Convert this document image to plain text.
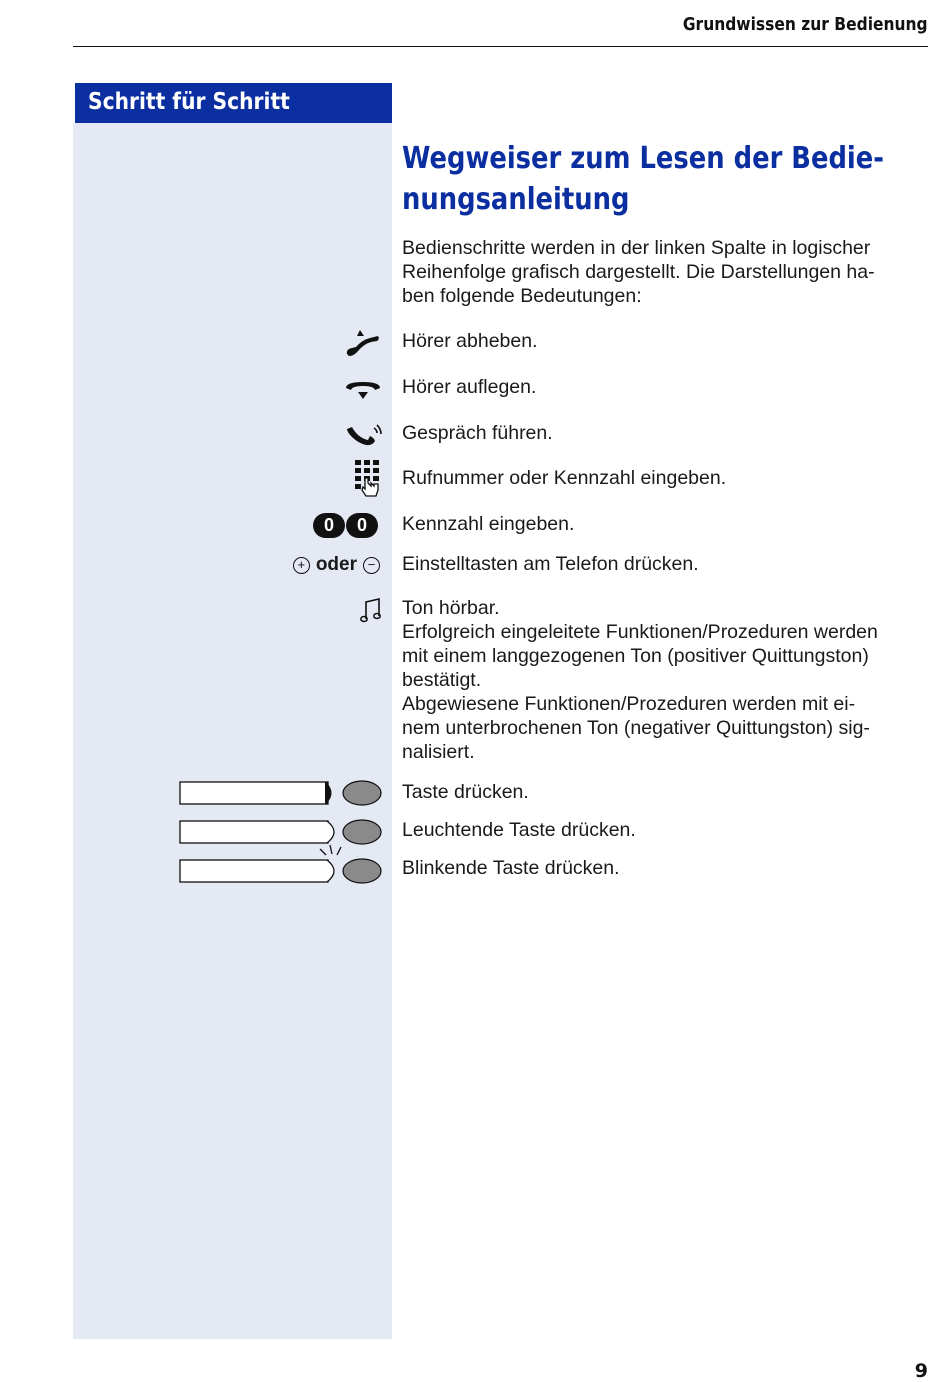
Grundwissen zur Bedienung
Schritt für Schritt
Wegweiser zum Lesen der Bedie-
nungsanleitung

Bedienschritte werden in der linken Spalte in logischer
Reihenfolge grafisch dargestellt. Die Darstellungen ha-
ben folgende Bedeutungen:

Hörer abheben.
Hörer auflegen.
Gespräch führen.
Rufnummer oder Kennzahl eingeben.
0	0	Kennzahl eingeben.
+ oder − Einstelltasten am Telefon drücken.
Ton hörbar.
Erfolgreich eingeleitete Funktionen/Prozeduren werden
mit einem langgezogenen Ton (positiver Quittungston)
bestätigt.
Abgewiesene Funktionen/Prozeduren werden mit ei-
nem unterbrochenen Ton (negativer Quittungston) sig-
nalisiert.
Taste drücken.
Leuchtende Taste drücken.
Blinkende Taste drücken.
9
